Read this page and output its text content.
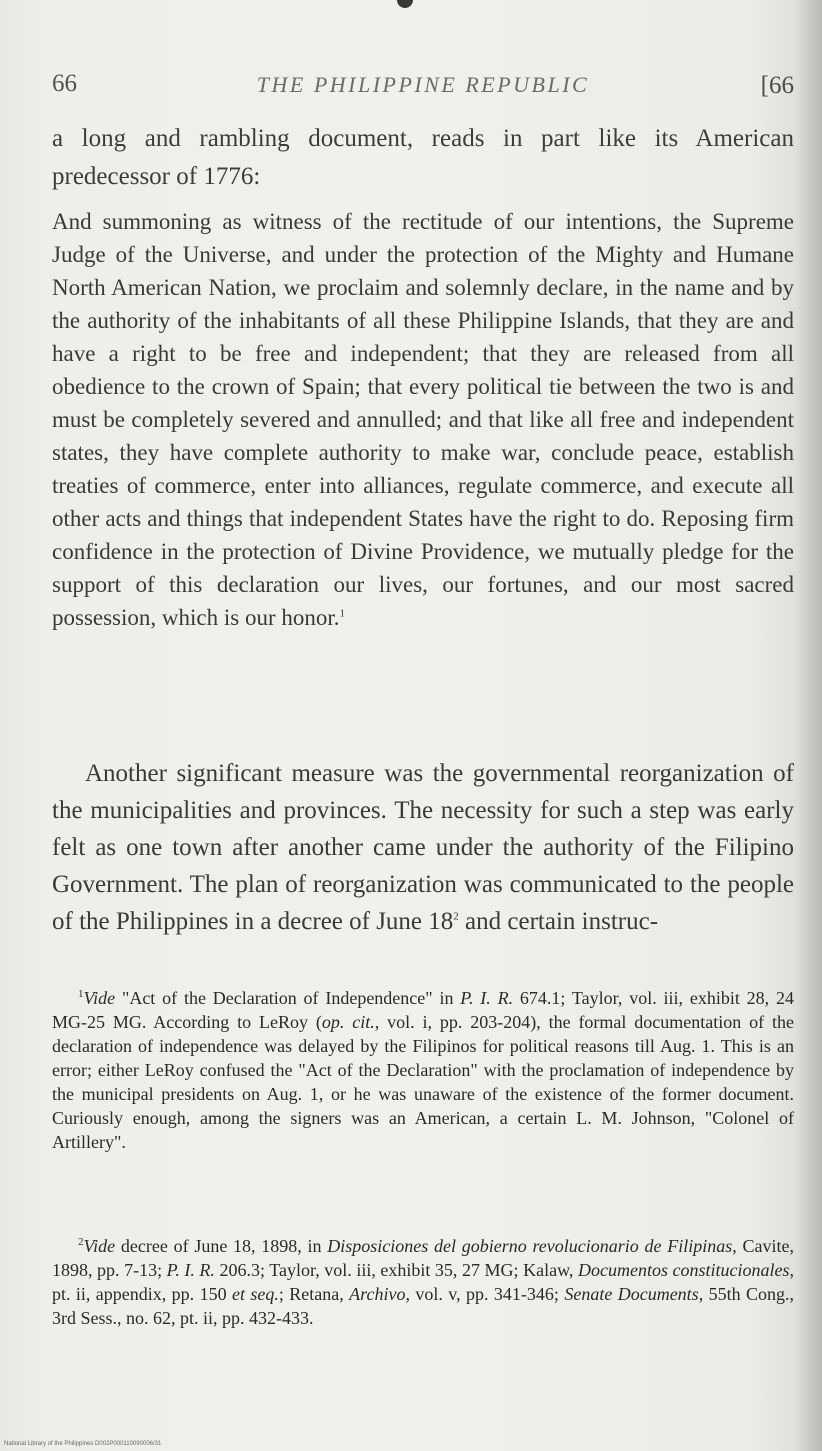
66	THE PHILIPPINE REPUBLIC	[66

a long and rambling document, reads in part like its American predecessor of 1776:

And summoning as witness of the rectitude of our intentions, the Supreme Judge of the Universe, and under the protection of the Mighty and Humane North American Nation, we proclaim and solemnly declare, in the name and by the authority of the inhabitants of all these Philippine Islands, that they are and have a right to be free and independent; that they are released from all obedience to the crown of Spain; that every political tie between the two is and must be completely severed and annulled; and that like all free and independent states, they have complete authority to make war, conclude peace, establish treaties of commerce, enter into alliances, regulate commerce, and execute all other acts and things that independent States have the right to do. Reposing firm confidence in the protection of Divine Providence, we mutually pledge for the support of this declaration our lives, our fortunes, and our most sacred possession, which is our honor.$^1$

Another significant measure was the governmental reorganization of the municipalities and provinces. The necessity for such a step was early felt as one town after another came under the authority of the Filipino Government. The plan of reorganization was communicated to the people of the Philippines in a decree of June 18$^2$ and certain instruc-

$^1$Vide "Act of the Declaration of Independence" in P. I. R. 674.1; Taylor, vol. iii, exhibit 28, 24 MG-25 MG. According to LeRoy (op. cit., vol. i, pp. 203-204), the formal documentation of the declaration of independence was delayed by the Filipinos for political reasons till Aug. 1. This is an error; either LeRoy confused the "Act of the Declaration" with the proclamation of independence by the municipal presidents on Aug. 1, or he was unaware of the existence of the former document. Curiously enough, among the signers was an American, a certain L. M. Johnson, "Colonel of Artillery".

$^2$Vide decree of June 18, 1898, in Disposiciones del gobierno revolucionario de Filipinas, Cavite, 1898, pp. 7-13; P. I. R. 206.3; Taylor, vol. iii, exhibit 35, 27 MG; Kalaw, Documentos constitucionales, pt. ii, appendix, pp. 150 et seq.; Retana, Archivo, vol. v, pp. 341-346; Senate Documents, 55th Cong., 3rd Sess., no. 62, pt. ii, pp. 432-433.

National Library of the Philippines D002P000110090006/31
